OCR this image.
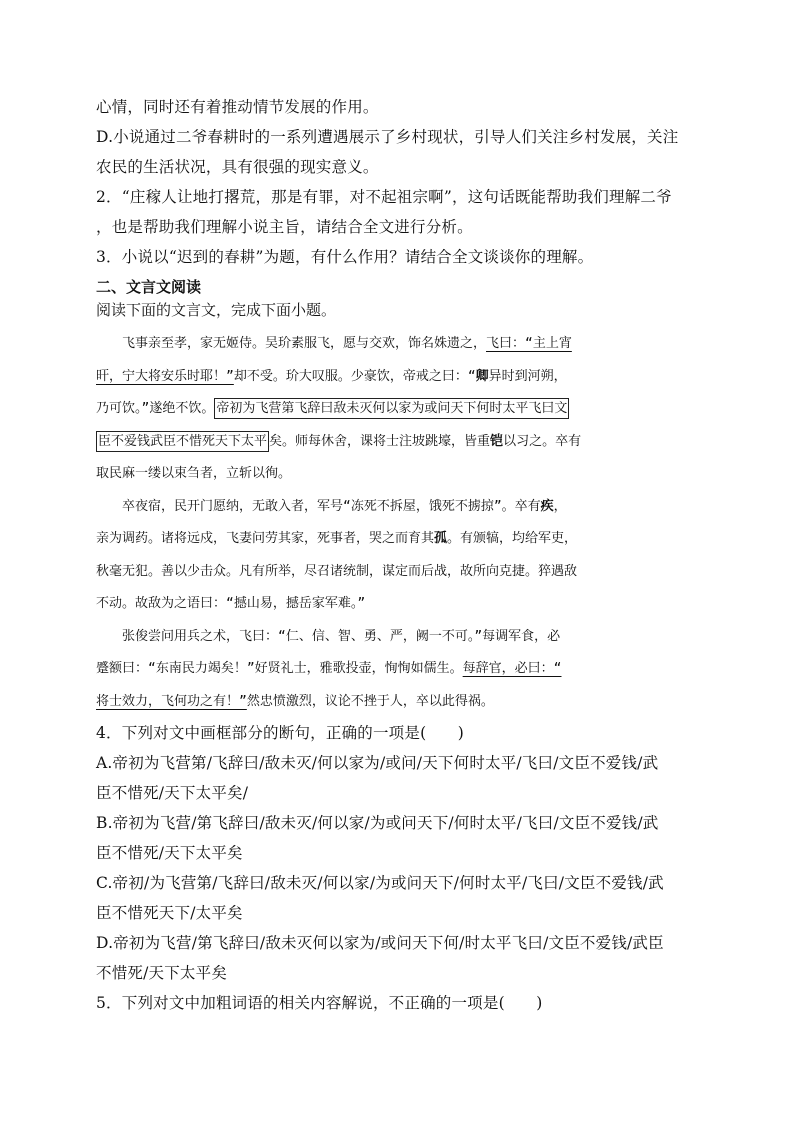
心情，同时还有着推动情节发展的作用。
D.小说通过二爷春耕时的一系列遭遇展示了乡村现状，引导人们关注乡村发展，关注
农民的生活状况，具有很强的现实意义。
2．“庄稼人让地打撂荒，那是有罪，对不起祖宗啊”，这句话既能帮助我们理解二爷
，也是帮助我们理解小说主旨，请结合全文进行分析。
3．小说以“迟到的春耕”为题，有什么作用？请结合全文谈谈你的理解。
二、文言文阅读
阅读下面的文言文，完成下面小题。
飞事亲至孝，家无姬侍。吴玠素服飞，愿与交欢，饰名姝遗之，飞曰：“主上宵
旰，宁大将安乐时耶！”却不受。玠大叹服。少豪饮，帝戒之曰：“卿异时到河朔，
乃可饮。”遂绝不饮。 帝初为飞营第飞辞曰敌未灭何以家为或问天下何时太平飞曰文
臣不爱钱武臣不惜死天下太平 矣。师每休舍，课将士注坡跳壕，皆重铠以习之。卒有
取民麻一缕以束刍者，立斩以徇。
卒夜宿，民开门愿纳，无敢入者，军号“冻死不拆屋，饿死不掳掠”。卒有疾，
亲为调药。诸将远戍，飞妻问劳其家，死事者，哭之而育其孤。有颁犒，均给军吏，
秋毫无犯。善以少击众。凡有所举，尽召诸统制，谋定而后战，故所向克捷。猝遇敌
不动。故敌为之语曰：“撼山易，撼岳家军难。”
张俊尝问用兵之术，飞曰：“仁、信、智、勇、严，阙一不可。”每调军食，必
蹙额曰：“东南民力竭矣！”好贤礼士，雅歌投壶，恂恂如儒生。每辞官，必曰：“
将士效力，飞何功之有！”然忠愤激烈，议论不挫于人，卒以此得祸。
4．下列对文中画框部分的断句，正确的一项是(　　)
A.帝初为飞营第/飞辞曰/敌未灭/何以家为/或问/天下何时太平/飞曰/文臣不爱钱/武
臣不惜死/天下太平矣/
B.帝初为飞营/第飞辞曰/敌未灭/何以家/为或问天下/何时太平/飞曰/文臣不爱钱/武
臣不惜死/天下太平矣
C.帝初/为飞营第/飞辞曰/敌未灭/何以家/为或问天下/何时太平/飞曰/文臣不爱钱/武
臣不惜死天下/太平矣
D.帝初为飞营/第飞辞曰/敌未灭何以家为/或问天下何/时太平飞曰/文臣不爱钱/武臣
不惜死/天下太平矣
5．下列对文中加粗词语的相关内容解说，不正确的一项是(　　)
